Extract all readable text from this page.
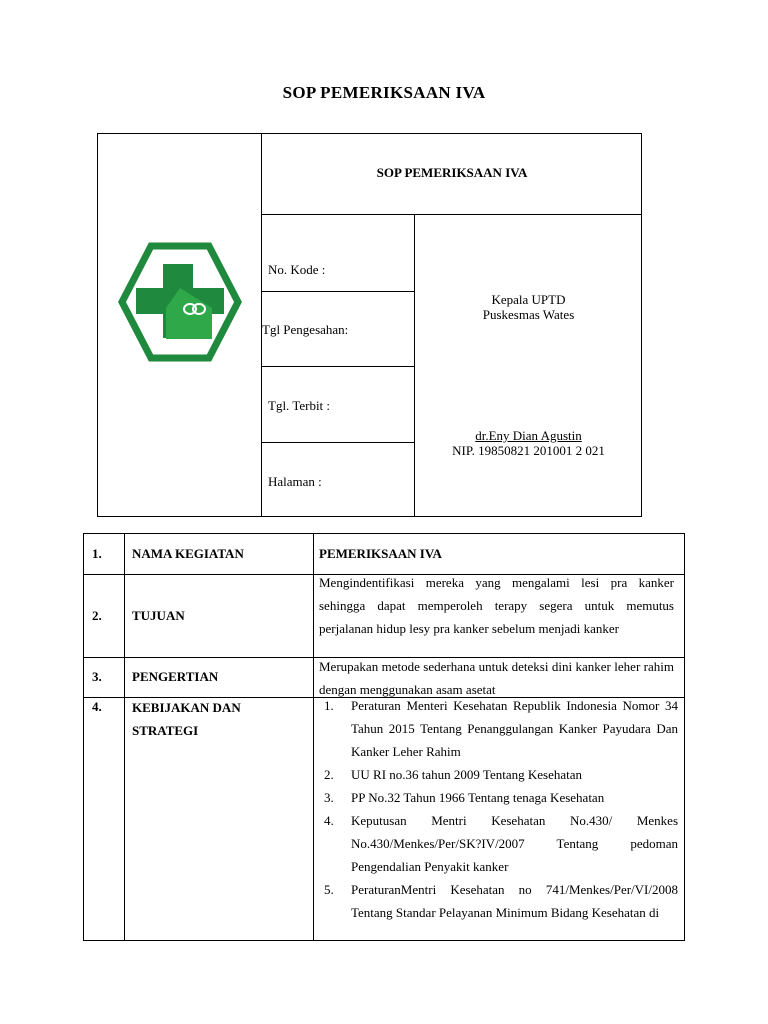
SOP PEMERIKSAAN IVA
SOP PEMERIKSAAN IVA
No. Kode :
Tgl Pengesahan:
Tgl. Terbit :
Halaman :
Kepala UPTD
Puskesmas Wates
dr.Eny Dian Agustin
NIP. 19850821 201001 2 021
1. NAMA KEGIATAN	PEMERIKSAAN IVA
2. TUJUAN
Mengindentifikasi mereka yang mengalami lesi pra kanker sehingga dapat memperoleh terapy segera untuk memutus perjalanan hidup lesy pra kanker sebelum menjadi kanker
3. PENGERTIAN
Merupakan metode sederhana untuk deteksi dini kanker leher rahim dengan menggunakan asam asetat
4. KEBIJAKAN DAN STRATEGI
1. Peraturan Menteri Kesehatan Republik Indonesia Nomor 34 Tahun 2015 Tentang Penanggulangan Kanker Payudara Dan Kanker Leher Rahim
2. UU RI no.36 tahun 2009 Tentang Kesehatan
3. PP No.32 Tahun 1966 Tentang tenaga Kesehatan
4. Keputusan Mentri Kesehatan No.430/ Menkes No.430/Menkes/Per/SK?IV/2007 Tentang pedoman Pengendalian Penyakit kanker
5. PeraturanMentri Kesehatan no 741/Menkes/Per/VI/2008 Tentang Standar Pelayanan Minimum Bidang Kesehatan di
